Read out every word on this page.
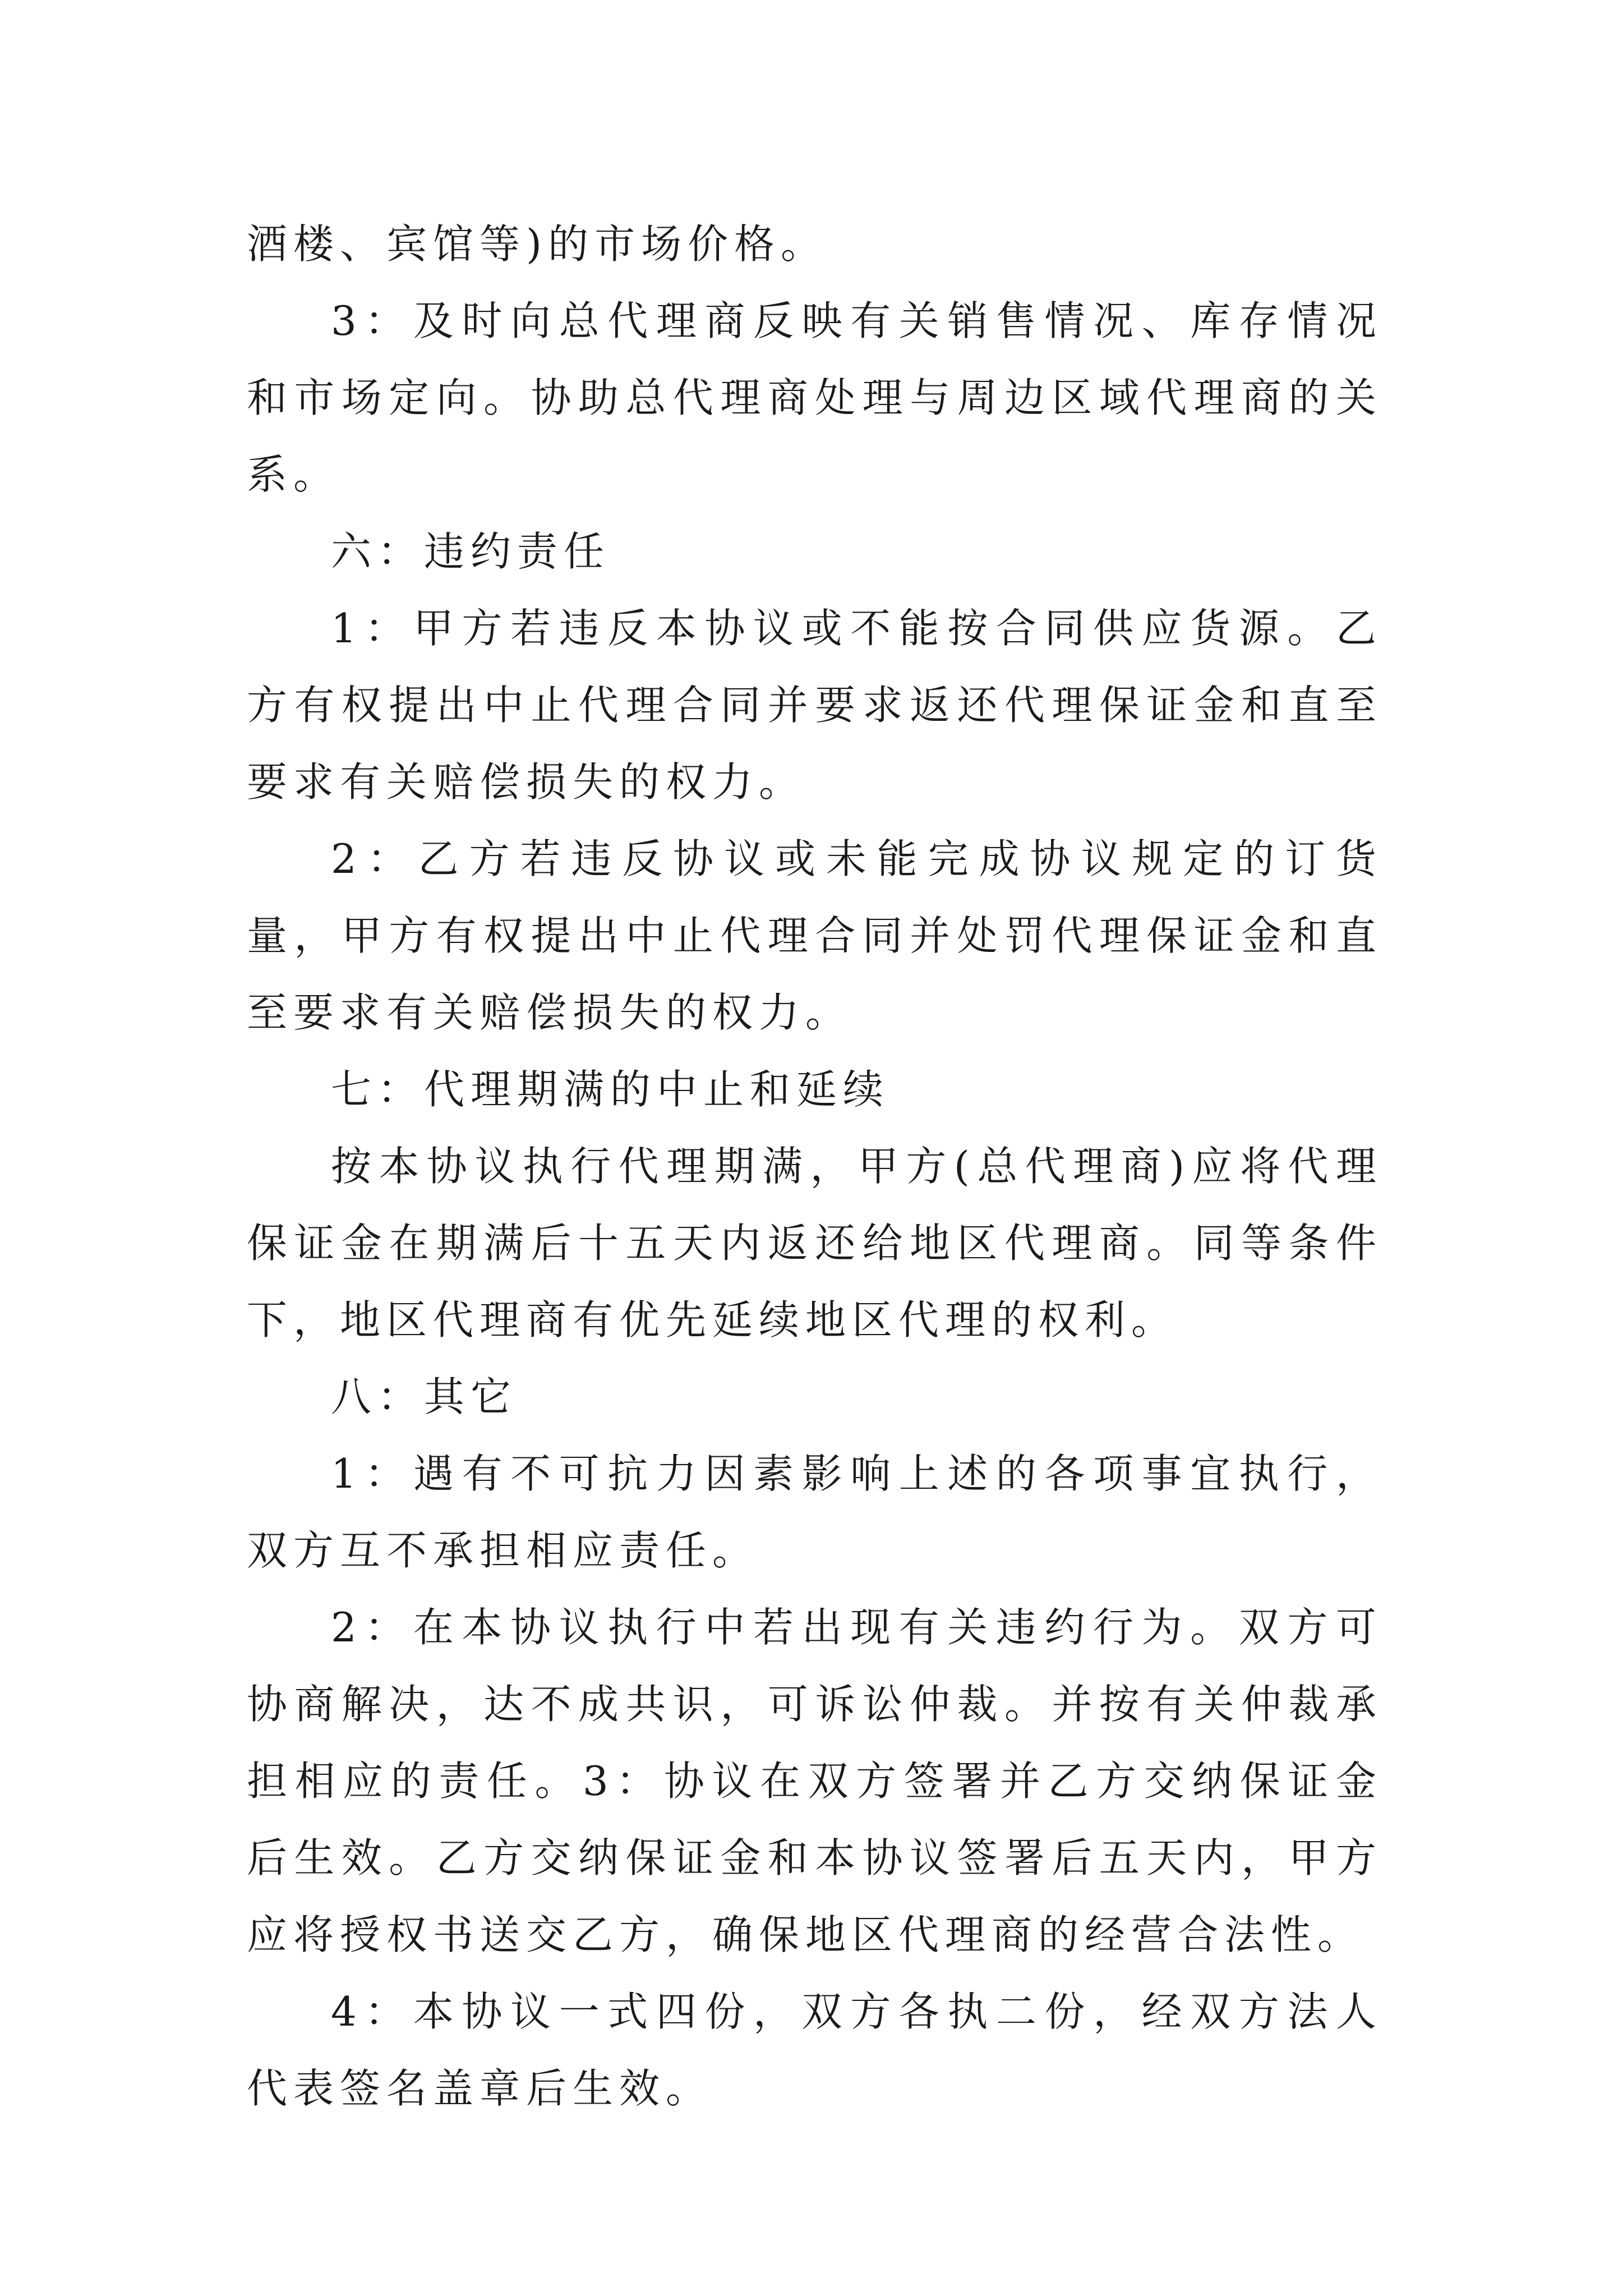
酒楼、宾馆等)的市场价格。

3：及时向总代理商反映有关销售情况、库存情况和市场定向。协助总代理商处理与周边区域代理商的关系。

六：违约责任

1：甲方若违反本协议或不能按合同供应货源。乙方有权提出中止代理合同并要求返还代理保证金和直至要求有关赔偿损失的权力。

2：乙方若违反协议或未能完成协议规定的订货量，甲方有权提出中止代理合同并处罚代理保证金和直至要求有关赔偿损失的权力。

七：代理期满的中止和延续

按本协议执行代理期满，甲方(总代理商)应将代理保证金在期满后十五天内返还给地区代理商。同等条件下，地区代理商有优先延续地区代理的权利。

八：其它

1：遇有不可抗力因素影响上述的各项事宜执行，双方互不承担相应责任。

2：在本协议执行中若出现有关违约行为。双方可协商解决，达不成共识，可诉讼仲裁。并按有关仲裁承担相应的责任。3：协议在双方签署并乙方交纳保证金后生效。乙方交纳保证金和本协议签署后五天内，甲方应将授权书送交乙方，确保地区代理商的经营合法性。

4：本协议一式四份，双方各执二份，经双方法人代表签名盖章后生效。
